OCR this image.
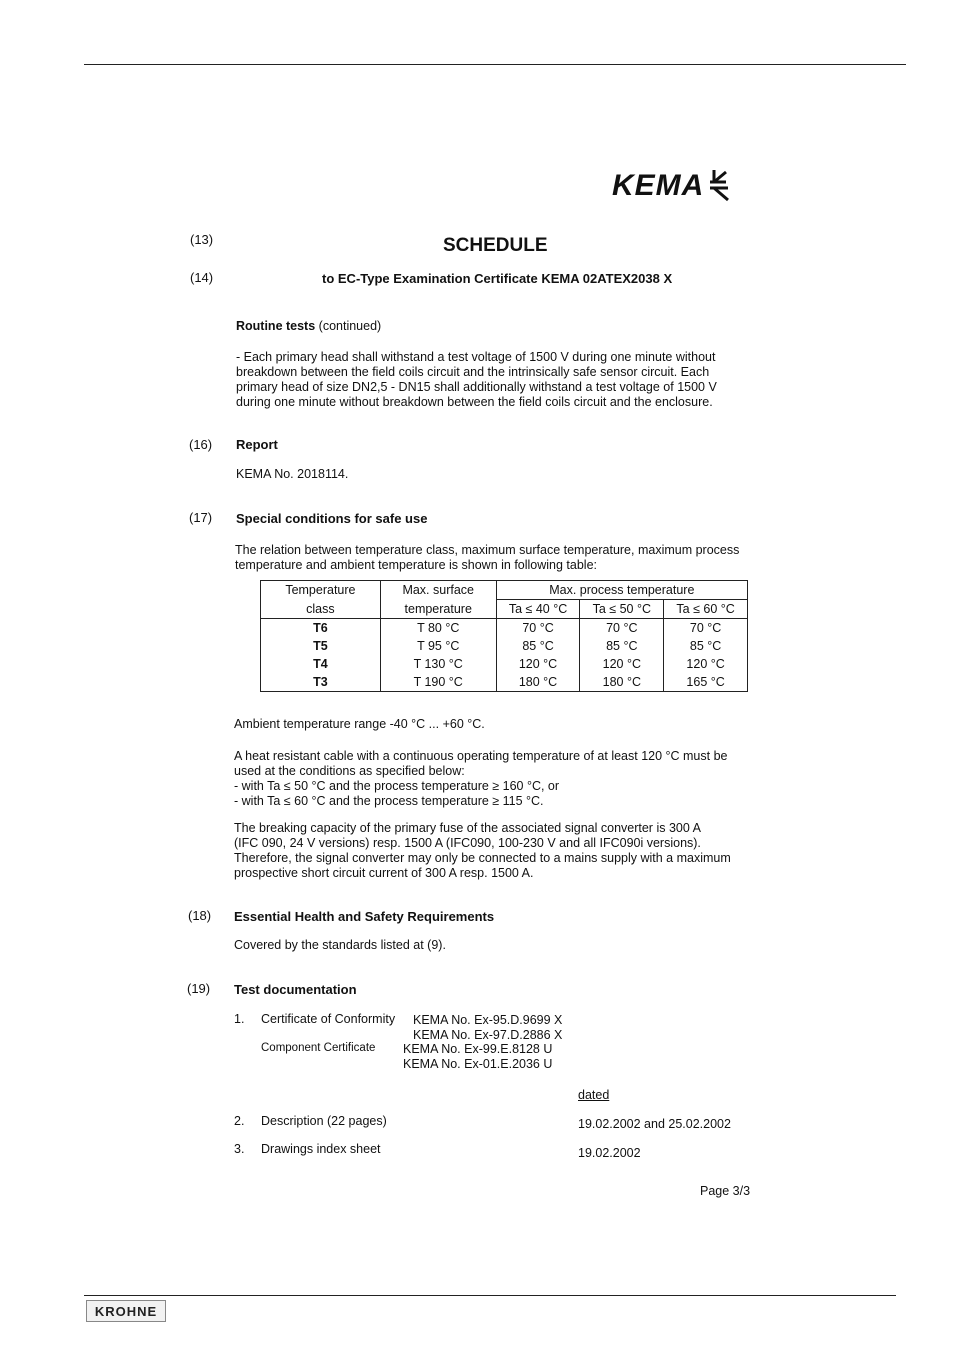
KEMA
(13)	SCHEDULE
(14)	to EC-Type Examination Certificate KEMA 02ATEX2038 X
Routine tests (continued)
- Each primary head shall withstand a test voltage of 1500 V during one minute without
breakdown between the field coils circuit and the intrinsically safe sensor circuit. Each
primary head of size DN2,5 - DN15 shall additionally withstand a test voltage of 1500 V
during one minute without breakdown between the field coils circuit and the enclosure.
(16) Report
KEMA No. 2018114.
(17) Special conditions for safe use
The relation between temperature class, maximum surface temperature, maximum process
temperature and ambient temperature is shown in following table:
Temperature	Max. surface	Max. process temperature		
class	temperature	Ta ≤ 40 °C	Ta ≤ 50 °C	Ta ≤ 60 °C
T6	T 80 °C	70 °C	70 °C	70 °C
T5	T 95 °C	85 °C	85 °C	85 °C
T4	T 130 °C	120 °C	120 °C	120 °C
T3	T 190 °C	180 °C	180 °C	165 °C
Ambient temperature range -40 °C ... +60 °C.
A heat resistant cable with a continuous operating temperature of at least 120 °C must be
used at the conditions as specified below:
- with Ta ≤ 50 °C and the process temperature ≥ 160 °C, or
- with Ta ≤ 60 °C and the process temperature ≥ 115 °C.
The breaking capacity of the primary fuse of the associated signal converter is 300 A
(IFC 090, 24 V versions) resp. 1500 A (IFC090, 100-230 V and all IFC090i versions).
Therefore, the signal converter may only be connected to a mains supply with a maximum
prospective short circuit current of 300 A resp. 1500 A.
(18) Essential Health and Safety Requirements
Covered by the standards listed at (9).
(19) Test documentation
1. Certificate of Conformity KEMA No. Ex-95.D.9699 X
KEMA No. Ex-97.D.2886 X
Component Certificate KEMA No. Ex-99.E.8128 U
KEMA No. Ex-01.E.2036 U
dated
2. Description (22 pages)	19.02.2002 and 25.02.2002
3. Drawings index sheet	19.02.2002
Page 3/3
KROHNE
